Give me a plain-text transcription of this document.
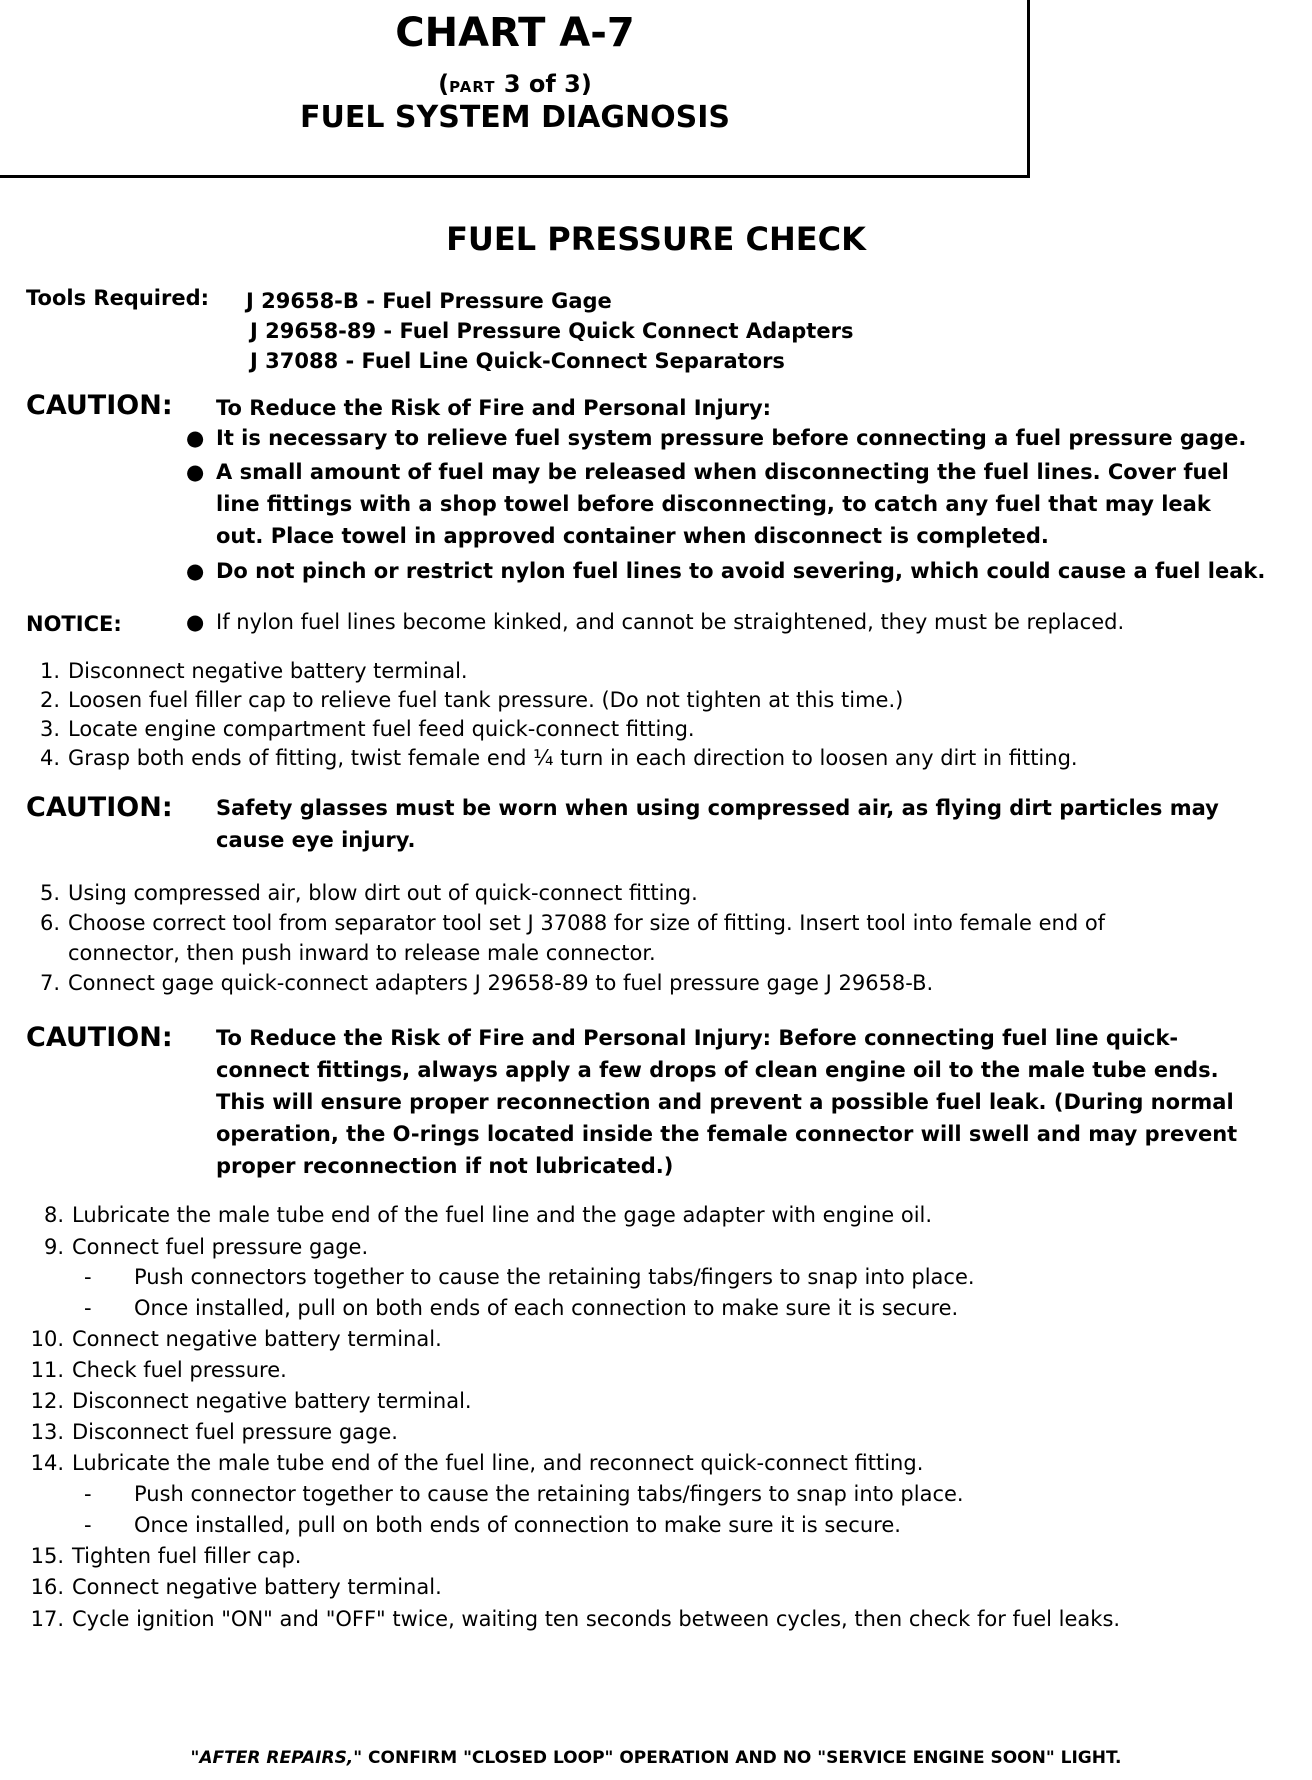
CHART A-7
(PART 3 of 3)
FUEL SYSTEM DIAGNOSIS
FUEL PRESSURE CHECK
Tools Required: J 29658-B - Fuel Pressure Gage
J 29658-89 - Fuel Pressure Quick Connect Adapters
J 37088 - Fuel Line Quick-Connect Separators
CAUTION: To Reduce the Risk of Fire and Personal Injury:
● It is necessary to relieve fuel system pressure before connecting a fuel pressure gage.
● A small amount of fuel may be released when disconnecting the fuel lines. Cover fuel
line fittings with a shop towel before disconnecting, to catch any fuel that may leak
out. Place towel in approved container when disconnect is completed.
● Do not pinch or restrict nylon fuel lines to avoid severing, which could cause a fuel leak.
NOTICE:	● If nylon fuel lines become kinked, and cannot be straightened, they must be replaced.
1. Disconnect negative battery terminal.
2. Loosen fuel filler cap to relieve fuel tank pressure. (Do not tighten at this time.)
3. Locate engine compartment fuel feed quick-connect fitting.
4. Grasp both ends of fitting, twist female end ¼ turn in each direction to loosen any dirt in fitting.
CAUTION: Safety glasses must be worn when using compressed air, as flying dirt particles may
cause eye injury.
5. Using compressed air, blow dirt out of quick-connect fitting.
6. Choose correct tool from separator tool set J 37088 for size of fitting. Insert tool into female end of
connector, then push inward to release male connector.
7. Connect gage quick-connect adapters J 29658-89 to fuel pressure gage J 29658-B.
CAUTION: To Reduce the Risk of Fire and Personal Injury: Before connecting fuel line quick-
connect fittings, always apply a few drops of clean engine oil to the male tube ends.
This will ensure proper reconnection and prevent a possible fuel leak. (During normal
operation, the O-rings located inside the female connector will swell and may prevent
proper reconnection if not lubricated.)
8. Lubricate the male tube end of the fuel line and the gage adapter with engine oil.
9. Connect fuel pressure gage.
- Push connectors together to cause the retaining tabs/fingers to snap into place.
- Once installed, pull on both ends of each connection to make sure it is secure.
10. Connect negative battery terminal.
11. Check fuel pressure.
12. Disconnect negative battery terminal.
13. Disconnect fuel pressure gage.
14. Lubricate the male tube end of the fuel line, and reconnect quick-connect fitting.
- Push connector together to cause the retaining tabs/fingers to snap into place.
- Once installed, pull on both ends of connection to make sure it is secure.
15. Tighten fuel filler cap.
16. Connect negative battery terminal.
17. Cycle ignition "ON" and "OFF" twice, waiting ten seconds between cycles, then check for fuel leaks.
"AFTER REPAIRS," CONFIRM "CLOSED LOOP" OPERATION AND NO "SERVICE ENGINE SOON" LIGHT.
